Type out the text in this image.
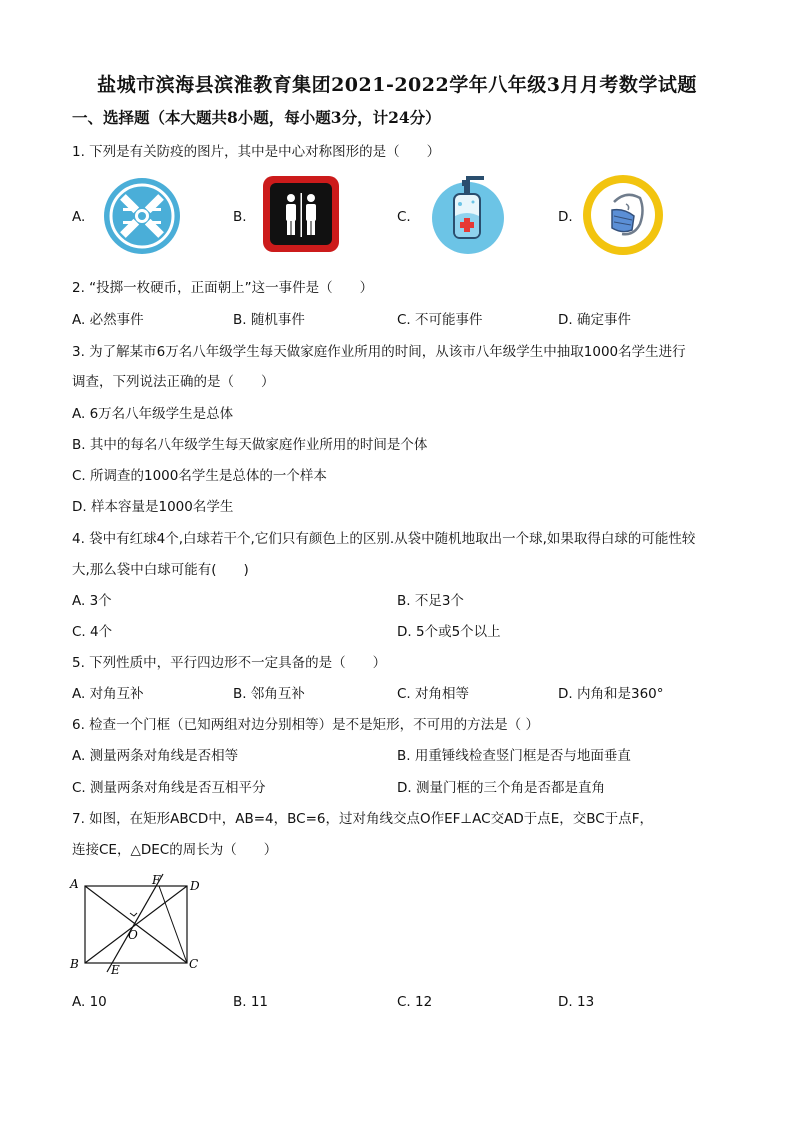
盐城市滨海县滨淮教育集团2021-2022学年八年级3月月考数学试题
一、选择题（本大题共8小题，每小题3分，计24分）
1. 下列是有关防疫的图片，其中是中心对称图形的是（　　）
A.	B.	C.	D.
2. “投掷一枚硬币，正面朝上”这一事件是（　　）
A. 必然事件	B. 随机事件	C. 不可能事件	D. 确定事件
3. 为了解某市6万名八年级学生每天做家庭作业所用的时间，从该市八年级学生中抽取1000名学生进行
调查，下列说法正确的是（　　）
A. 6万名八年级学生是总体
B. 其中的每名八年级学生每天做家庭作业所用的时间是个体
C. 所调查的1000名学生是总体的一个样本
D. 样本容量是1000名学生
4. 袋中有红球4个,白球若干个,它们只有颜色上的区别.从袋中随机地取出一个球,如果取得白球的可能性较
大,那么袋中白球可能有(　　)
A. 3个	B. 不足3个
C. 4个	D. 5个或5个以上
5. 下列性质中，平行四边形不一定具备的是（　　）
A. 对角互补	B. 邻角互补	C. 对角相等	D. 内角和是360°
6. 检查一个门框（已知两组对边分别相等）是不是矩形，不可用的方法是（ ）
A. 测量两条对角线是否相等	B. 用重锤线检查竖门框是否与地面垂直
C. 测量两条对角线是否互相平分	D. 测量门框的三个角是否都是直角
7. 如图，在矩形ABCD中，AB=4，BC=6，过对角线交点O作EF⊥AC交AD于点E，交BC于点F，
连接CE，△DEC的周长为（　　）
A	F D
O
B	E	C
A. 10	B. 11	C. 12	D. 13
